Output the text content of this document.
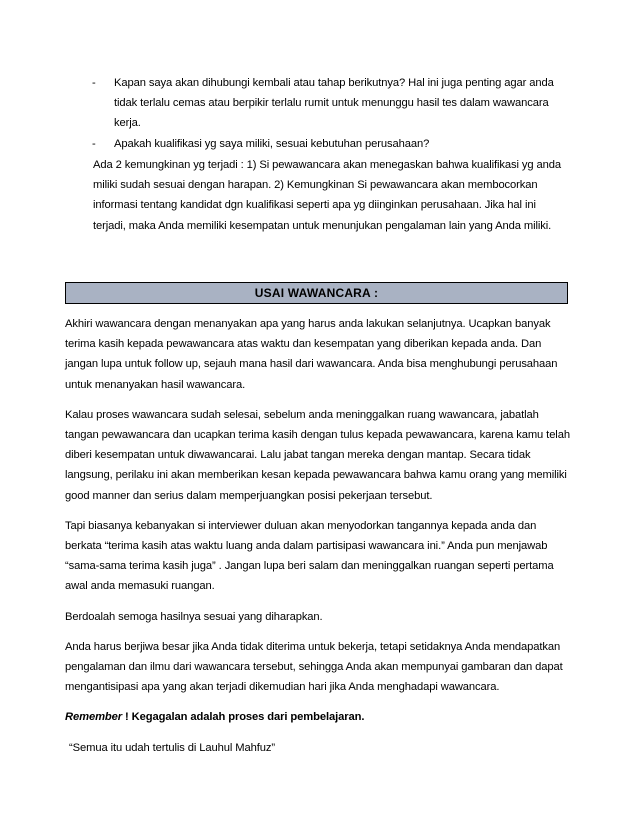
- Kapan saya akan dihubungi kembali atau tahap berikutnya? Hal ini juga penting agar anda tidak terlalu cemas atau berpikir terlalu rumit untuk menunggu hasil tes dalam wawancara kerja.
- Apakah kualifikasi yg saya miliki, sesuai kebutuhan perusahaan?

Ada 2 kemungkinan yg terjadi : 1) Si pewawancara akan menegaskan bahwa kualifikasi yg anda miliki sudah sesuai dengan harapan. 2) Kemungkinan Si pewawancara akan membocorkan informasi tentang kandidat dgn kualifikasi seperti apa yg diinginkan perusahaan. Jika hal ini terjadi, maka Anda memiliki kesempatan untuk menunjukan pengalaman lain yang Anda miliki.

USAI WAWANCARA :

Akhiri wawancara dengan menanyakan apa yang harus anda lakukan selanjutnya. Ucapkan banyak terima kasih kepada pewawancara atas waktu dan kesempatan yang diberikan kepada anda. Dan jangan lupa untuk follow up, sejauh mana hasil dari wawancara. Anda bisa menghubungi perusahaan untuk menanyakan hasil wawancara.

Kalau proses wawancara sudah selesai, sebelum anda meninggalkan ruang wawancara, jabatlah tangan pewawancara dan ucapkan terima kasih dengan tulus kepada pewawancara, karena kamu telah diberi kesempatan untuk diwawancarai. Lalu jabat tangan mereka dengan mantap. Secara tidak langsung, perilaku ini akan memberikan kesan kepada pewawancara bahwa kamu orang yang memiliki good manner dan serius dalam memperjuangkan posisi pekerjaan tersebut.

Tapi biasanya kebanyakan si interviewer duluan akan menyodorkan tangannya kepada anda dan berkata “terima kasih atas waktu luang anda dalam partisipasi wawancara ini.” Anda pun menjawab “sama-sama terima kasih juga” . Jangan lupa beri salam dan meninggalkan ruangan seperti pertama awal anda memasuki ruangan.

Berdoalah semoga hasilnya sesuai yang diharapkan.

Anda harus berjiwa besar jika Anda tidak diterima untuk bekerja, tetapi setidaknya Anda mendapatkan pengalaman dan ilmu dari wawancara tersebut, sehingga Anda akan mempunyai gambaran dan dapat mengantisipasi apa yang akan terjadi dikemudian hari jika Anda menghadapi wawancara.

Remember ! Kegagalan adalah proses dari pembelajaran.

“Semua itu udah tertulis di Lauhul Mahfuz”
